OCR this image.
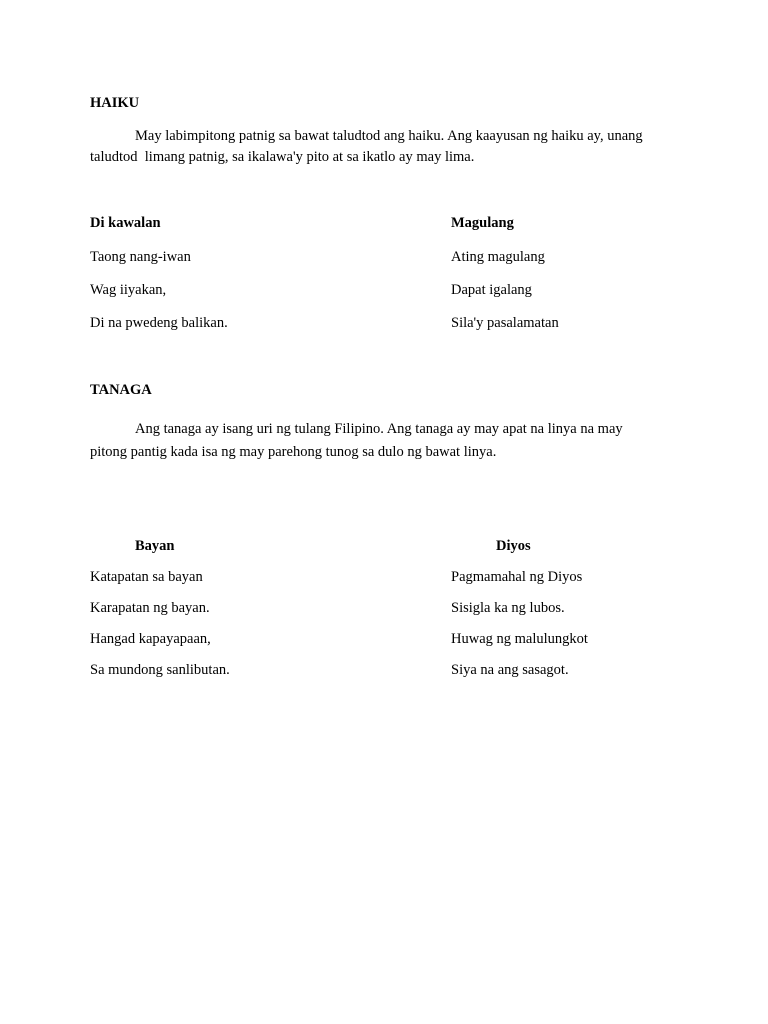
HAIKU
May labimpitong patnig sa bawat taludtod ang haiku. Ang kaayusan ng haiku ay, unang
taludtod  limang patnig, sa ikalawa'y pito at sa ikatlo ay may lima.
Di kawalan
Taong nang-iwan
Wag iiyakan,
Di na pwedeng balikan.
Magulang
Ating magulang
Dapat igalang
Sila'y pasalamatan
TANAGA
Ang tanaga ay isang uri ng tulang Filipino. Ang tanaga ay may apat na linya na may
pitong pantig kada isa ng may parehong tunog sa dulo ng bawat linya.
Bayan
Katapatan sa bayan
Karapatan ng bayan.
Hangad kapayapaan,
Sa mundong sanlibutan.
Diyos
Pagmamahal ng Diyos
Sisigla ka ng lubos.
Huwag ng malulungkot
Siya na ang sasagot.
